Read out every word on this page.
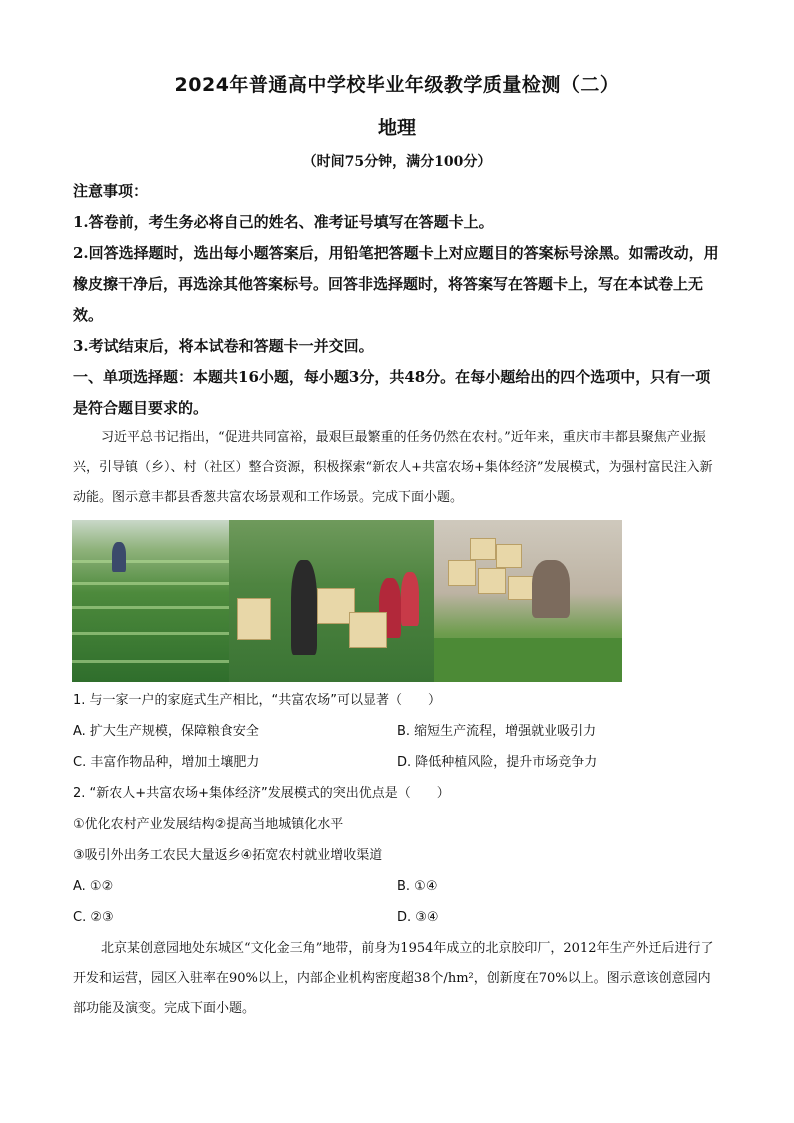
2024年普通高中学校毕业年级教学质量检测（二）
地理
（时间75分钟，满分100分）
注意事项：
1.答卷前，考生务必将自己的姓名、准考证号填写在答题卡上。
2.回答选择题时，选出每小题答案后，用铅笔把答题卡上对应题目的答案标号涂黑。如需改动，用橡皮擦干净后，再选涂其他答案标号。回答非选择题时，将答案写在答题卡上，写在本试卷上无效。
3.考试结束后，将本试卷和答题卡一并交回。
一、单项选择题：本题共16小题，每小题3分，共48分。在每小题给出的四个选项中，只有一项是符合题目要求的。
习近平总书记指出，“促进共同富裕，最艰巨最繁重的任务仍然在农村。”近年来，重庆市丰都县聚焦产业振兴，引导镇（乡）、村（社区）整合资源，积极探索“新农人+共富农场+集体经济”发展模式，为强村富民注入新动能。图示意丰都县香葱共富农场景观和工作场景。完成下面小题。
1. 与一家一户的家庭式生产相比，“共富农场”可以显著（　　）
A. 扩大生产规模，保障粮食安全	B. 缩短生产流程，增强就业吸引力
C. 丰富作物品种，增加土壤肥力	D. 降低种植风险，提升市场竞争力
2. “新农人+共富农场+集体经济”发展模式的突出优点是（　　）
①优化农村产业发展结构②提高当地城镇化水平
③吸引外出务工农民大量返乡④拓宽农村就业增收渠道
A. ①②	B. ①④
C. ②③	D. ③④
北京某创意园地处东城区“文化金三角”地带，前身为1954年成立的北京胶印厂，2012年生产外迁后进行了开发和运营，园区入驻率在90%以上，内部企业机构密度超38个/hm²，创新度在70%以上。图示意该创意园内部功能及演变。完成下面小题。
